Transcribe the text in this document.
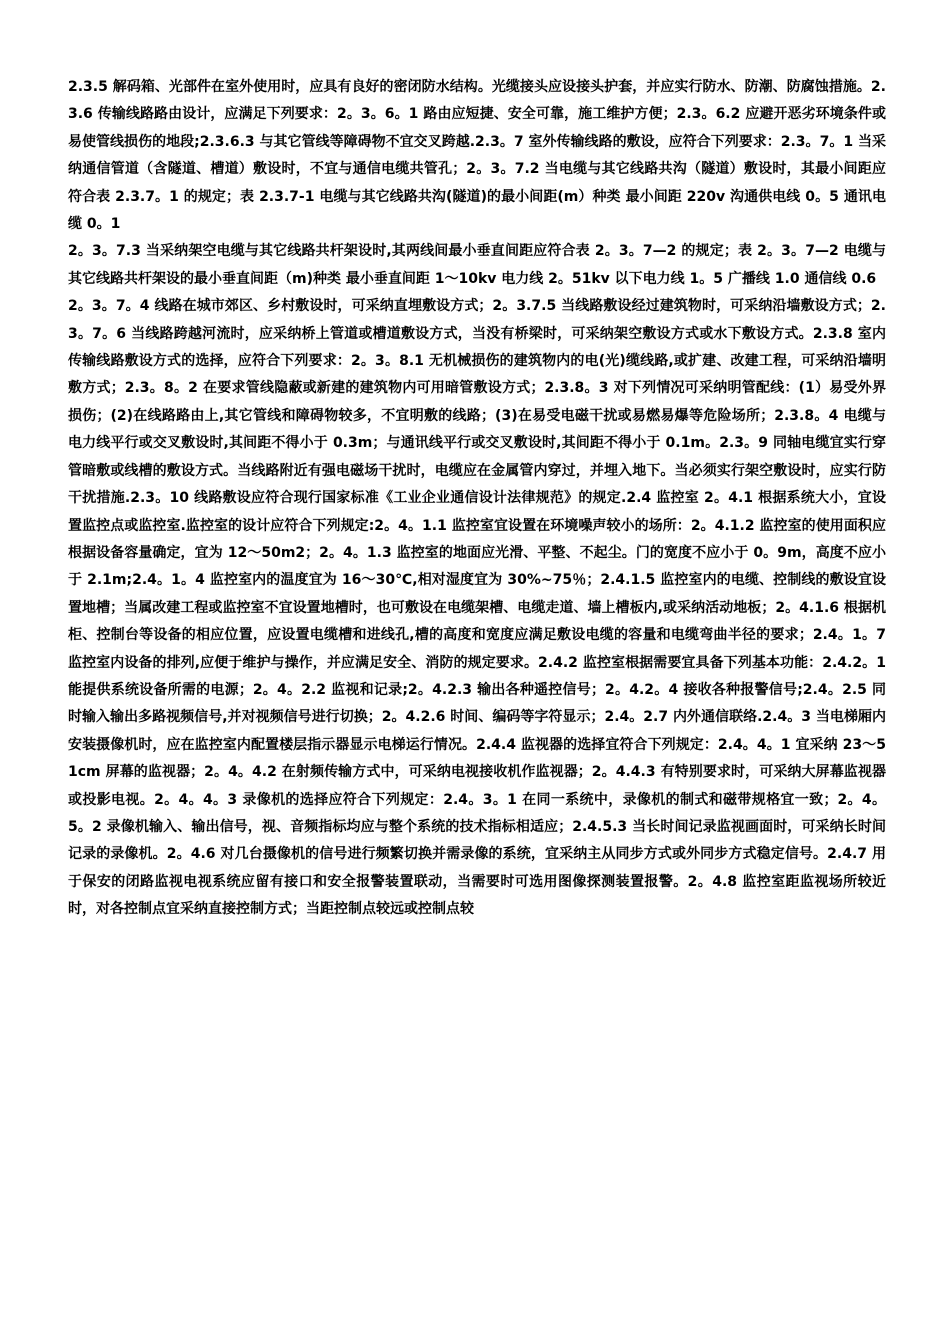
2.3.5 解码箱、光部件在室外使用时，应具有良好的密闭防水结构。光缆接头应设接头护套，并应实行防水、防潮、防腐蚀措施。2.3.6 传输线路路由设计，应满足下列要求：2。3。6。1 路由应短捷、安全可靠，施工维护方便；2.3。6.2 应避开恶劣环境条件或易使管线损伤的地段;2.3.6.3 与其它管线等障碍物不宜交叉跨越.2.3。7 室外传输线路的敷设，应符合下列要求：2.3。7。1 当采纳通信管道（含隧道、槽道）敷设时，不宜与通信电缆共管孔；2。3。7.2 当电缆与其它线路共沟（隧道）敷设时，其最小间距应符合表 2.3.7。1 的规定；表 2.3.7-1 电缆与其它线路共沟(隧道)的最小间距(m）种类 最小间距 220v 沟通供电线 0。5 通讯电缆 0。1

2。3。7.3 当采纳架空电缆与其它线路共杆架设时,其两线间最小垂直间距应符合表 2。3。7—2 的规定；表 2。3。7—2 电缆与其它线路共杆架设的最小垂直间距（m)种类 最小垂直间距 1～10kv 电力线 2。51kv 以下电力线 1。5 广播线 1.0 通信线 0.6

2。3。7。4 线路在城市郊区、乡村敷设时，可采纳直埋敷设方式；2。3.7.5 当线路敷设经过建筑物时，可采纳沿墙敷设方式；2.3。7。6 当线路跨越河流时，应采纳桥上管道或槽道敷设方式，当没有桥梁时，可采纳架空敷设方式或水下敷设方式。2.3.8 室内传输线路敷设方式的选择，应符合下列要求：2。3。8.1 无机械损伤的建筑物内的电(光)缆线路,或扩建、改建工程，可采纳沿墙明敷方式；2.3。8。2 在要求管线隐蔽或新建的建筑物内可用暗管敷设方式；2.3.8。3 对下列情况可采纳明管配线：(1）易受外界损伤；(2)在线路路由上,其它管线和障碍物较多，不宜明敷的线路；(3)在易受电磁干扰或易燃易爆等危险场所；2.3.8。4 电缆与电力线平行或交叉敷设时,其间距不得小于 0.3m；与通讯线平行或交叉敷设时,其间距不得小于 0.1m。2.3。9 同轴电缆宜实行穿管暗敷或线槽的敷设方式。当线路附近有强电磁场干扰时，电缆应在金属管内穿过，并埋入地下。当必须实行架空敷设时，应实行防干扰措施.2.3。10 线路敷设应符合现行国家标准《工业企业通信设计法律规范》的规定.2.4 监控室 2。4.1 根据系统大小，宜设置监控点或监控室.监控室的设计应符合下列规定:2。4。1.1 监控室宜设置在环境噪声较小的场所：2。4.1.2 监控室的使用面积应根据设备容量确定，宜为 12～50m2；2。4。1.3 监控室的地面应光滑、平整、不起尘。门的宽度不应小于 0。9m，高度不应小于 2.1m;2.4。1。4 监控室内的温度宜为 16～30℃,相对湿度宜为 30%~75％；2.4.1.5 监控室内的电缆、控制线的敷设宜设置地槽；当属改建工程或监控室不宜设置地槽时，也可敷设在电缆架槽、电缆走道、墙上槽板内,或采纳活动地板；2。4.1.6 根据机柜、控制台等设备的相应位置，应设置电缆槽和进线孔,槽的高度和宽度应满足敷设电缆的容量和电缆弯曲半径的要求；2.4。1。7 监控室内设备的排列,应便于维护与操作，并应满足安全、消防的规定要求。2.4.2 监控室根据需要宜具备下列基本功能：2.4.2。1 能提供系统设备所需的电源；2。4。2.2 监视和记录;2。4.2.3 输出各种遥控信号；2。4.2。4 接收各种报警信号;2.4。2.5 同时输入输出多路视频信号,并对视频信号进行切换；2。4.2.6 时间、编码等字符显示；2.4。2.7 内外通信联络.2.4。3 当电梯厢内安装摄像机时，应在监控室内配置楼层指示器显示电梯运行情况。2.4.4 监视器的选择宜符合下列规定：2.4。4。1 宜采纳 23～51cm 屏幕的监视器；2。4。4.2 在射频传输方式中，可采纳电视接收机作监视器；2。4.4.3 有特别要求时，可采纳大屏幕监视器或投影电视。2。4。4。3 录像机的选择应符合下列规定：2.4。3。1 在同一系统中，录像机的制式和磁带规格宜一致；2。4。5。2 录像机输入、输出信号，视、音频指标均应与整个系统的技术指标相适应；2.4.5.3 当长时间记录监视画面时，可采纳长时间记录的录像机。2。4.6 对几台摄像机的信号进行频繁切换并需录像的系统，宜采纳主从同步方式或外同步方式稳定信号。2.4.7 用于保安的闭路监视电视系统应留有接口和安全报警装置联动，当需要时可选用图像探测装置报警。2。4.8 监控室距监视场所较近时，对各控制点宜采纳直接控制方式；当距控制点较远或控制点较
